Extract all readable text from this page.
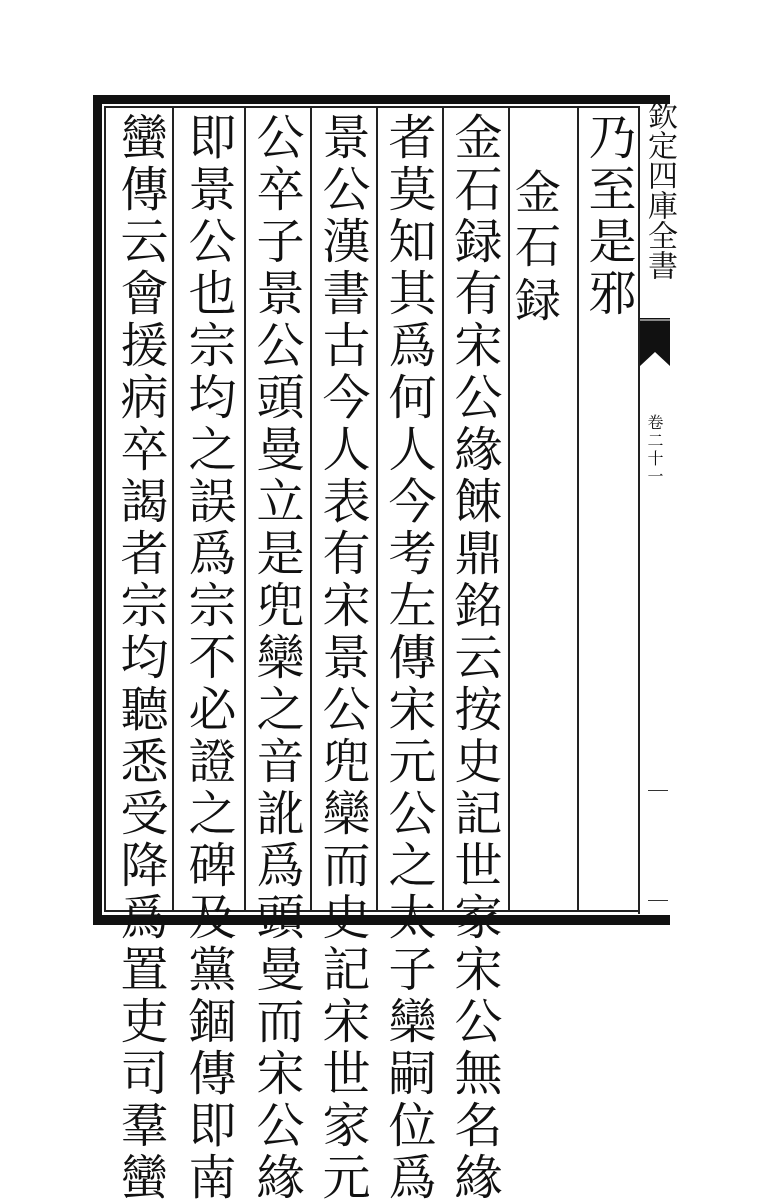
欽定四庫全書
卷二十一
乃至是邪
金石録
金石録有宋公緣餗鼎銘云按史記世家宋公無名緣
者莫知其爲何人今考左傳宋元公之太子欒嗣位爲
景公漢書古今人表有宋景公兜欒而史記宋世家元
公卒子景公頭曼立是兜欒之音訛爲頭曼而宋公緣
即景公也宗均之誤爲宗不必證之碑及黨錮傳即南
蠻傳云會援病卒謁者宗均聽悉受降爲置吏司羣蠻
